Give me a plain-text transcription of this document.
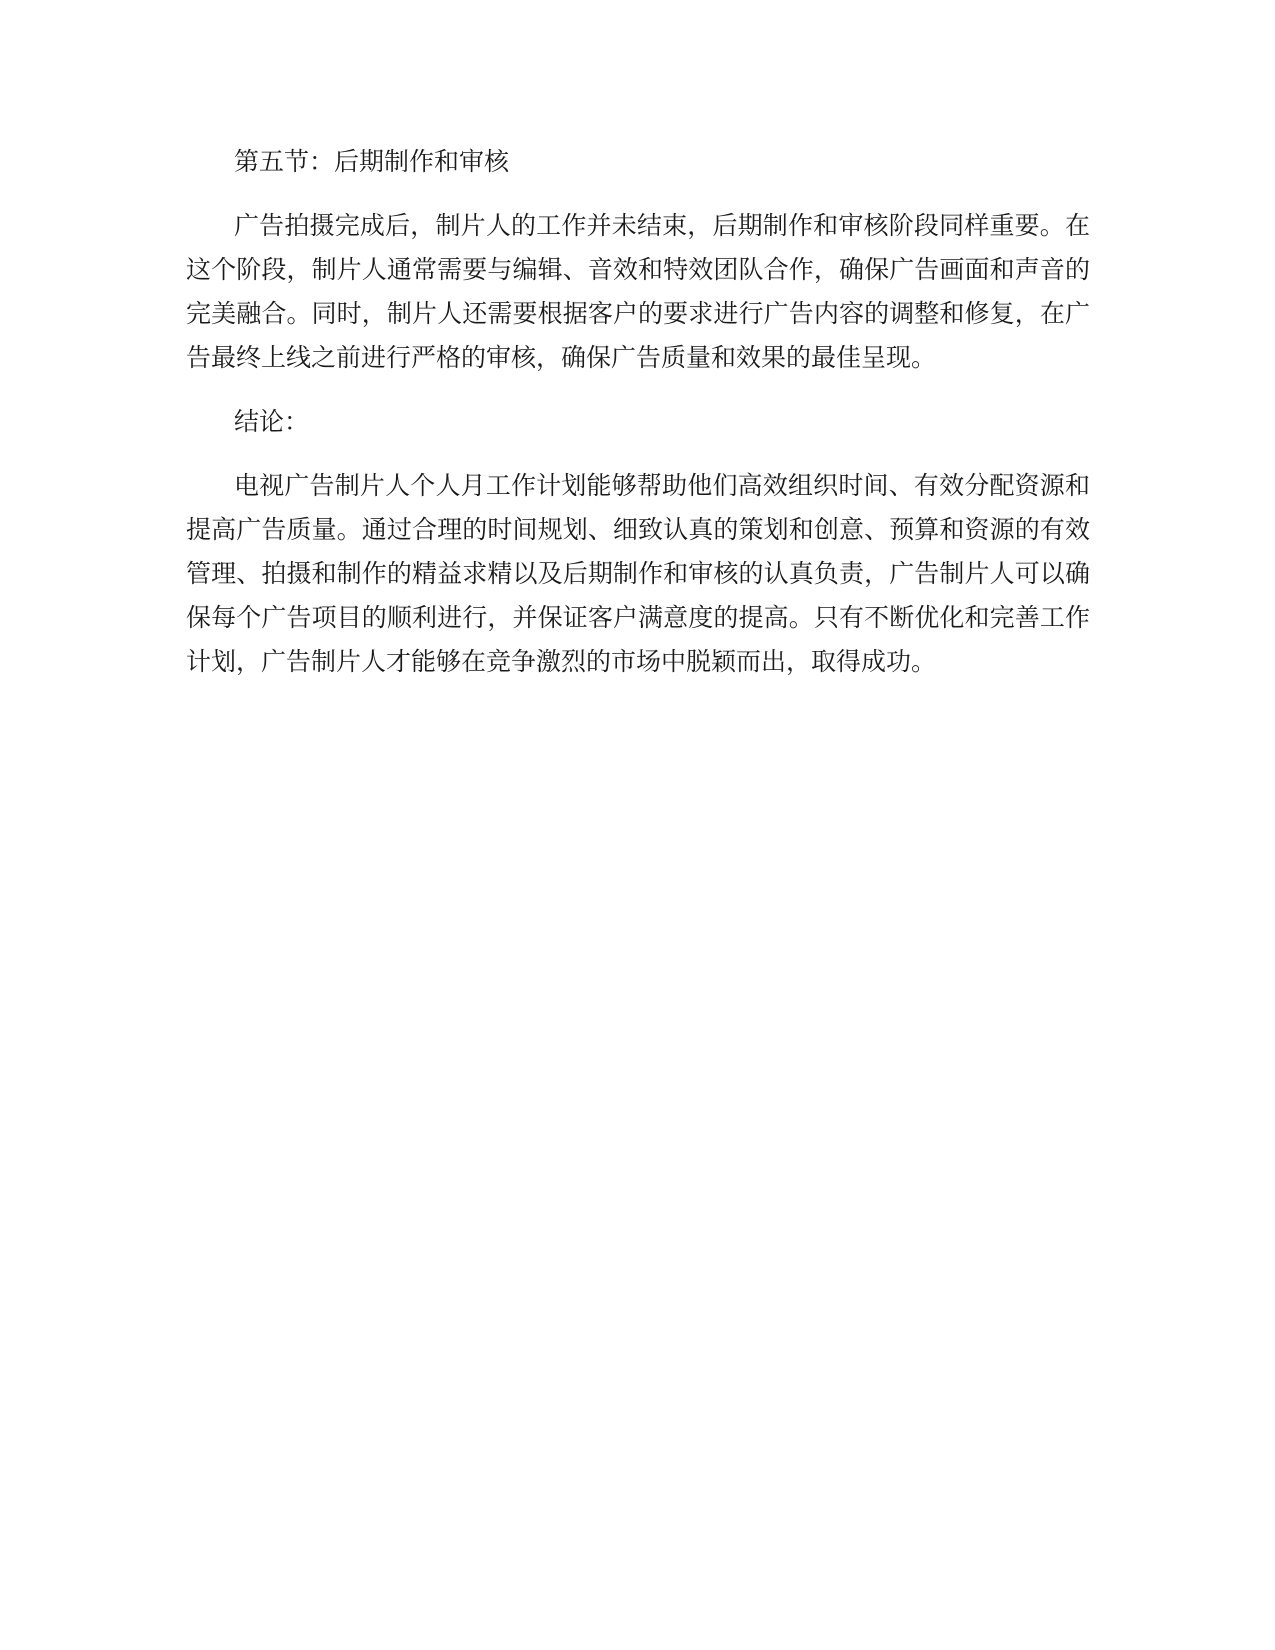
第五节：后期制作和审核

广告拍摄完成后，制片人的工作并未结束，后期制作和审核阶段同样重要。在这个阶段，制片人通常需要与编辑、音效和特效团队合作，确保广告画面和声音的完美融合。同时，制片人还需要根据客户的要求进行广告内容的调整和修复，在广告最终上线之前进行严格的审核，确保广告质量和效果的最佳呈现。

结论：

电视广告制片人个人月工作计划能够帮助他们高效组织时间、有效分配资源和提高广告质量。通过合理的时间规划、细致认真的策划和创意、预算和资源的有效管理、拍摄和制作的精益求精以及后期制作和审核的认真负责，广告制片人可以确保每个广告项目的顺利进行，并保证客户满意度的提高。只有不断优化和完善工作计划，广告制片人才能够在竞争激烈的市场中脱颖而出，取得成功。
